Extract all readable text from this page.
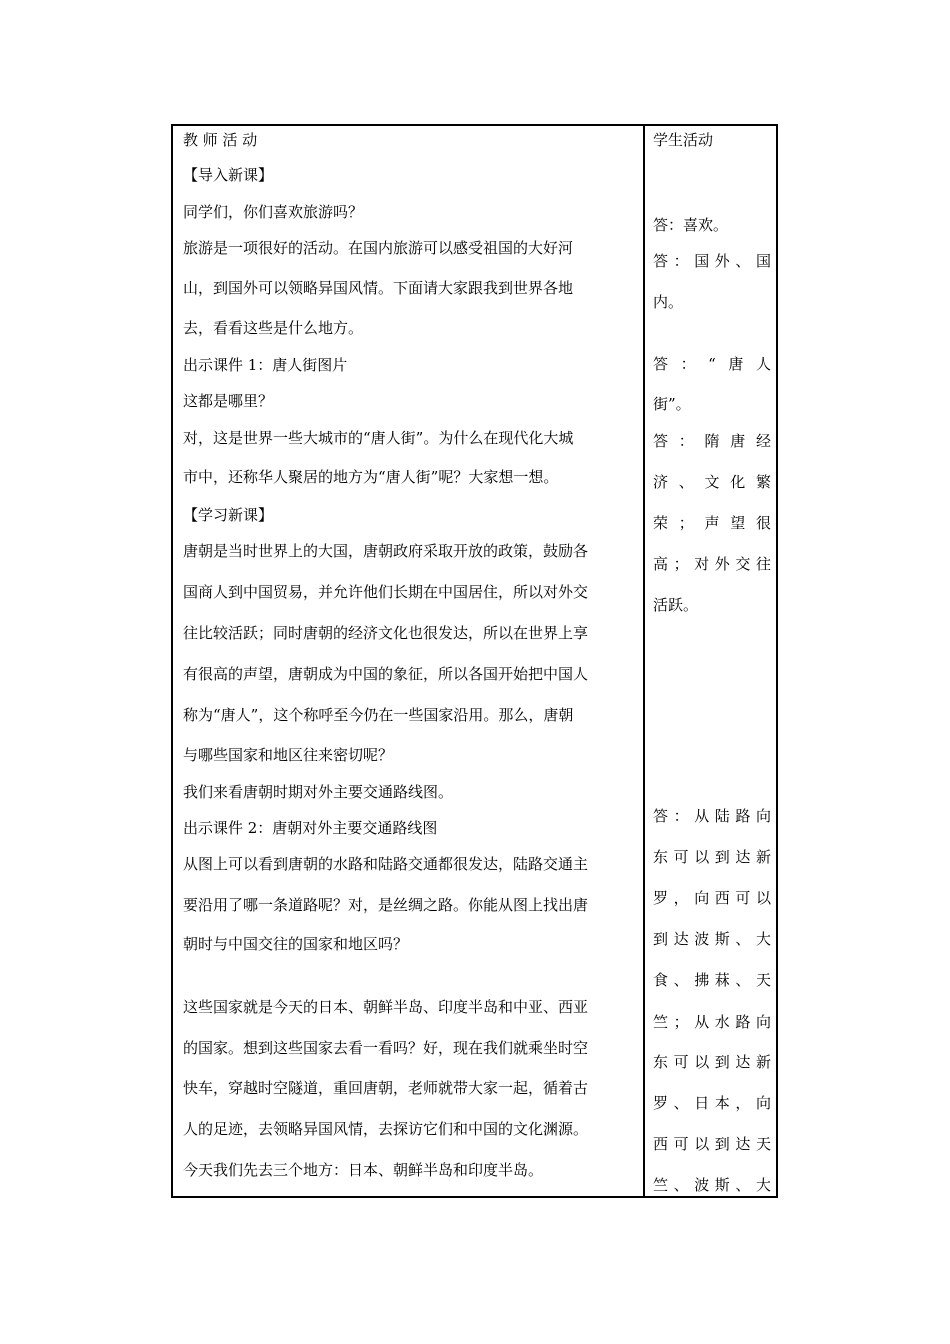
教 师 活 动
【导入新课】
同学们，你们喜欢旅游吗？
旅游是一项很好的活动。在国内旅游可以感受祖国的大好河
山，到国外可以领略异国风情。下面请大家跟我到世界各地
去，看看这些是什么地方。
出示课件 1：唐人街图片
这都是哪里？
对，这是世界一些大城市的“唐人街”。为什么在现代化大城
市中，还称华人聚居的地方为“唐人街”呢？大家想一想。
【学习新课】
唐朝是当时世界上的大国，唐朝政府采取开放的政策，鼓励各
国商人到中国贸易，并允许他们长期在中国居住，所以对外交
往比较活跃；同时唐朝的经济文化也很发达，所以在世界上享
有很高的声望，唐朝成为中国的象征，所以各国开始把中国人
称为“唐人”，这个称呼至今仍在一些国家沿用。那么，唐朝
与哪些国家和地区往来密切呢？
我们来看唐朝时期对外主要交通路线图。
出示课件 2：唐朝对外主要交通路线图
从图上可以看到唐朝的水路和陆路交通都很发达，陆路交通主
要沿用了哪一条道路呢？对，是丝绸之路。你能从图上找出唐
朝时与中国交往的国家和地区吗？
这些国家就是今天的日本、朝鲜半岛、印度半岛和中亚、西亚
的国家。想到这些国家去看一看吗？好，现在我们就乘坐时空
快车，穿越时空隧道，重回唐朝，老师就带大家一起，循着古
人的足迹，去领略异国风情，去探访它们和中国的文化渊源。
今天我们先去三个地方：日本、朝鲜半岛和印度半岛。
学生活动
答：喜欢。
答：国外、国
内。
答：“唐人
街”。
答：隋唐经
济、文化繁
荣；声望很
高；对外交往
活跃。
答：从陆路向
东可以到达新
罗，向西可以
到达波斯、大
食、拂菻、天
竺；从水路向
东可以到达新
罗、日本，向
西可以到达天
竺、波斯、大
